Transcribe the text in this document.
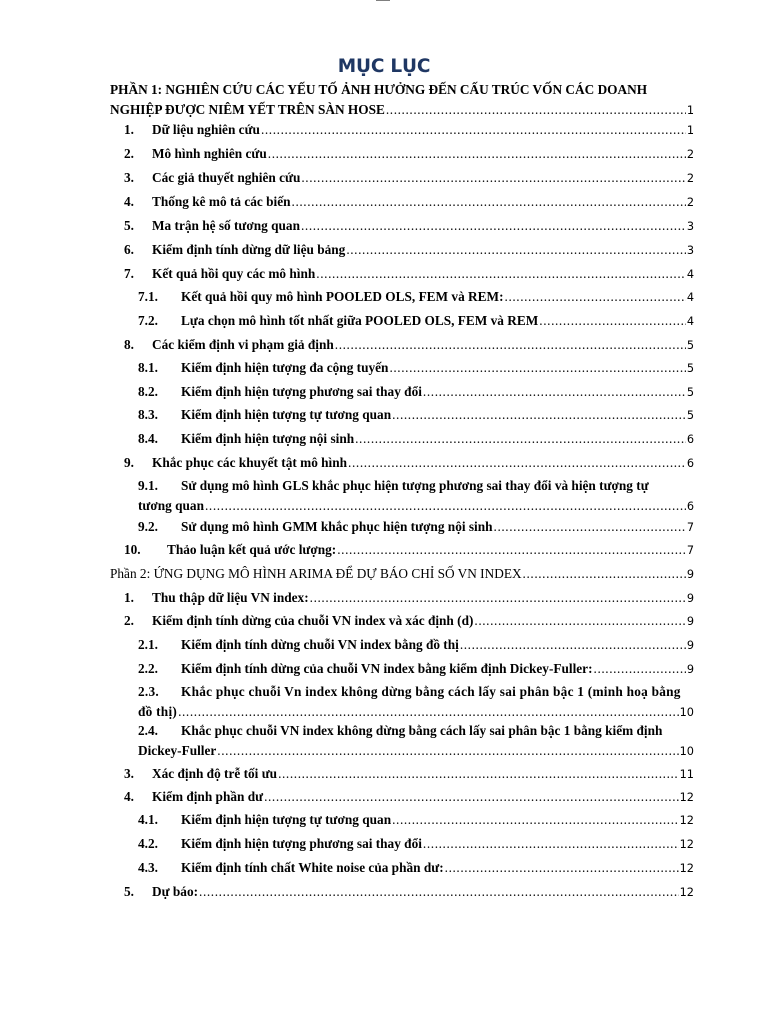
MỤC LỤC
PHẦN 1: NGHIÊN CỨU CÁC YẾU TỐ ẢNH HƯỞNG ĐẾN CẤU TRÚC VỐN CÁC DOANH
NGHIỆP ĐƯỢC NIÊM YẾT TRÊN SÀN HOSE .....	1
1.	Dữ liệu nghiên cứu .....	1
2.	Mô hình nghiên cứu .....	2
3.	Các giả thuyết nghiên cứu .....	2
4.	Thống kê mô tả các biến .....	2
5.	Ma trận hệ số tương quan .....	3
6.	Kiểm định tính dừng dữ liệu bảng .....	3
7.	Kết quả hồi quy các mô hình .....	4
7.1.	Kết quả hồi quy mô hình POOLED OLS, FEM và REM: .....	4
7.2.	Lựa chọn mô hình tốt nhất giữa POOLED OLS, FEM và REM .....	4
8.	Các kiểm định vi phạm giả định .....	5
8.1.	Kiểm định hiện tượng đa cộng tuyến .....	5
8.2.	Kiểm định hiện tượng phương sai thay đổi .....	5
8.3.	Kiểm định hiện tượng tự tương quan .....	5
8.4.	Kiểm định hiện tượng nội sinh .....	6
9.	Khắc phục các khuyết tật mô hình .....	6
9.1. Sử dụng mô hình GLS khắc phục hiện tượng phương sai thay đổi và hiện tượng tự
tương quan .....	6
9.2.	Sử dụng mô hình GMM khắc phục hiện tượng nội sinh .....	7
10.	Thảo luận kết quả ước lượng: .....	7
Phần 2: ỨNG DỤNG MÔ HÌNH ARIMA ĐỂ DỰ BÁO CHỈ SỐ VN INDEX .....	9
1.	Thu thập dữ liệu VN index: .....	9
2.	Kiểm định tính dừng của chuỗi VN index và xác định (d) .....	9
2.1.	Kiểm định tính dừng chuỗi VN index bằng đồ thị .....	9
2.2.	Kiểm định tính dừng của chuỗi VN index bằng kiểm định Dickey-Fuller: .....	9
2.3. Khắc phục chuỗi Vn index không dừng bằng cách lấy sai phân bậc 1 (minh hoạ bằng
đồ thị) .....	10
2.4. Khắc phục chuỗi VN index không dừng bằng cách lấy sai phân bậc 1 bằng kiểm định
Dickey-Fuller .....	10
3.	Xác định độ trễ tối ưu .....	11
4.	Kiểm định phần dư .....	12
4.1.	Kiểm định hiện tượng tự tương quan .....	12
4.2.	Kiểm định hiện tượng phương sai thay đổi .....	12
4.3.	Kiểm định tính chất White noise của phần dư: .....	12
5.	Dự báo: .....	12
